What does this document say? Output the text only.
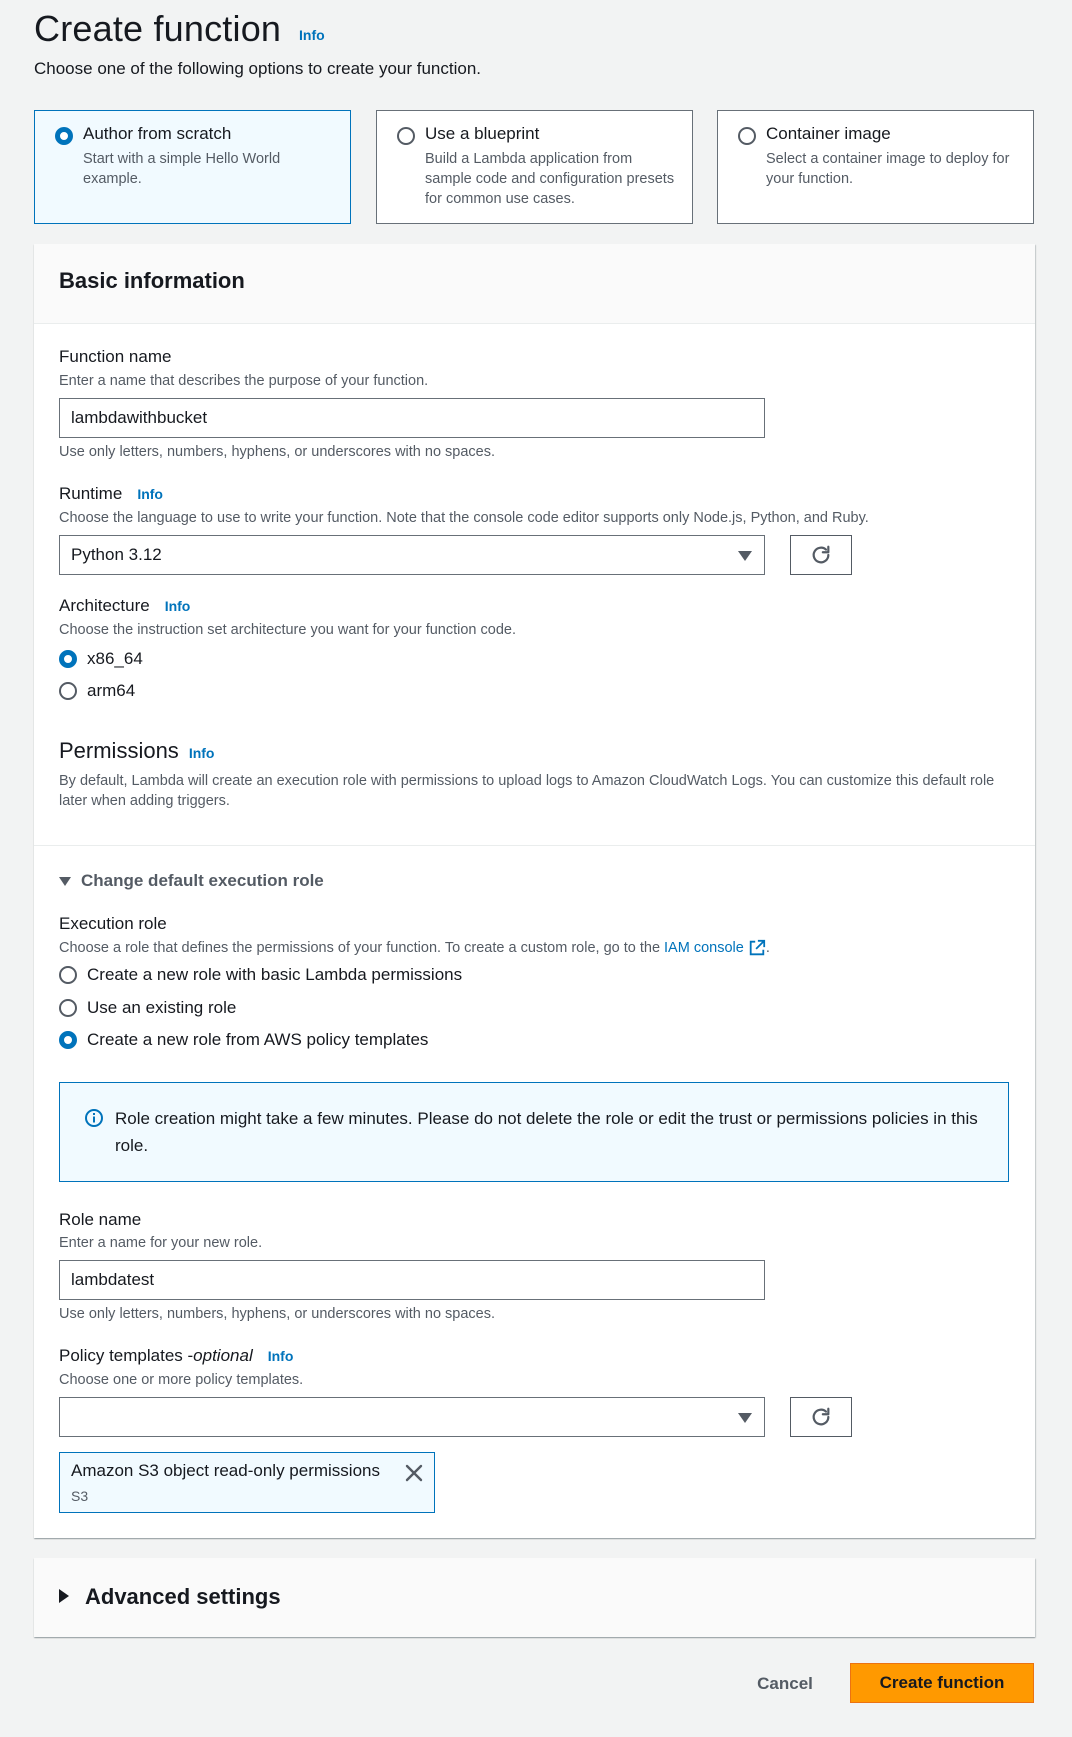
Create function Info
Choose one of the following options to create your function.
Author from scratch
Start with a simple Hello World example.
Use a blueprint
Build a Lambda application from sample code and configuration presets for common use cases.
Container image
Select a container image to deploy for your function.
Basic information
Function name
Enter a name that describes the purpose of your function.
lambdawithbucket
Use only letters, numbers, hyphens, or underscores with no spaces.
Runtime Info
Choose the language to use to write your function. Note that the console code editor supports only Node.js, Python, and Ruby.
Python 3.12
Architecture Info
Choose the instruction set architecture you want for your function code.
x86_64
arm64
Permissions Info
By default, Lambda will create an execution role with permissions to upload logs to Amazon CloudWatch Logs. You can customize this default role later when adding triggers.
Change default execution role
Execution role
Choose a role that defines the permissions of your function. To create a custom role, go to the IAM console .
Create a new role with basic Lambda permissions
Use an existing role
Create a new role from AWS policy templates
Role creation might take a few minutes. Please do not delete the role or edit the trust or permissions policies in this role.
Role name
Enter a name for your new role.
lambdatest
Use only letters, numbers, hyphens, or underscores with no spaces.
Policy templates - optional Info
Choose one or more policy templates.
Amazon S3 object read-only permissions
S3
Advanced settings
Cancel	Create function
